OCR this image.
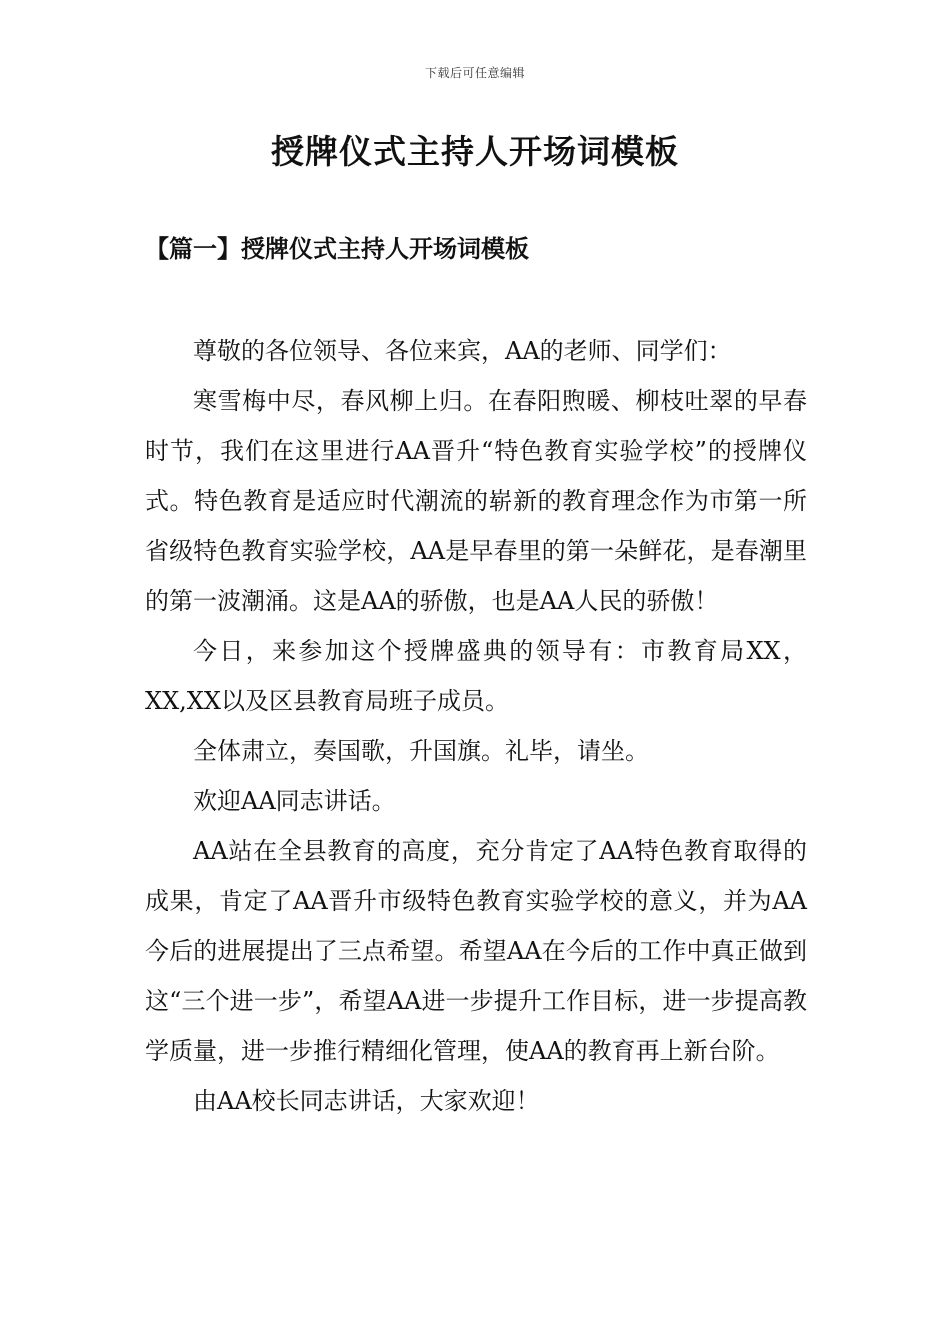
下载后可任意编辑
授牌仪式主持人开场词模板
【篇一】授牌仪式主持人开场词模板

尊敬的各位领导、各位来宾，AA的老师、同学们：

寒雪梅中尽，春风柳上归。在春阳煦暖、柳枝吐翠的早春时节，我们在这里进行AA晋升“特色教育实验学校”的授牌仪式。特色教育是适应时代潮流的崭新的教育理念作为市第一所省级特色教育实验学校，AA是早春里的第一朵鲜花，是春潮里的第一波潮涌。这是AA的骄傲，也是AA人民的骄傲！

今日，来参加这个授牌盛典的领导有：市教育局XX，XX,XX以及区县教育局班子成员。

全体肃立，奏国歌，升国旗。礼毕，请坐。

欢迎AA同志讲话。

AA站在全县教育的高度，充分肯定了AA特色教育取得的成果，肯定了AA晋升市级特色教育实验学校的意义，并为AA今后的进展提出了三点希望。希望AA在今后的工作中真正做到这“三个进一步”，希望AA进一步提升工作目标，进一步提高教学质量，进一步推行精细化管理，使AA的教育再上新台阶。

由AA校长同志讲话，大家欢迎！
